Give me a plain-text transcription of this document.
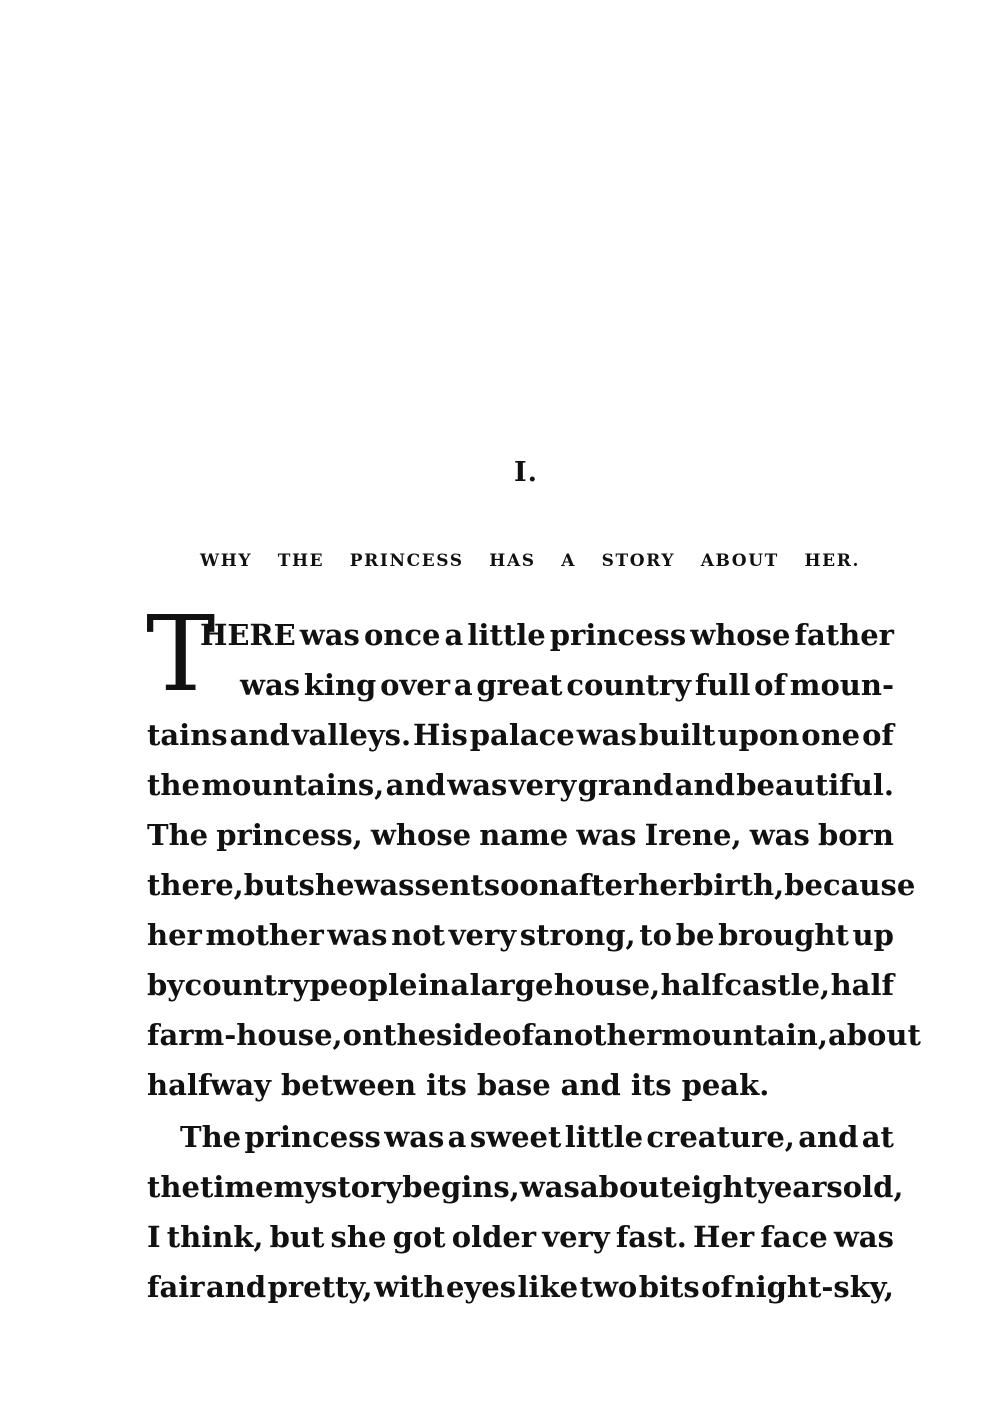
I.
WHY THE PRINCESS HAS A STORY ABOUT HER.
T
HERE was once a little princess whose father
was king over a great country full of moun-
tains and valleys. His palace was built upon one of
the mountains, and was very grand and beautiful.
The princess, whose name was Irene, was born
there, but she was sent soon after her birth, because
her mother was not very strong, to be brought up
by country people in a large house, half castle, half
farm-house, on the side of another mountain, about
halfway between its base and its peak.
The princess was a sweet little creature, and at
the time my story begins, was about eight years old,
I think, but she got older very fast. Her face was
fair and pretty, with eyes like two bits of night-sky,
